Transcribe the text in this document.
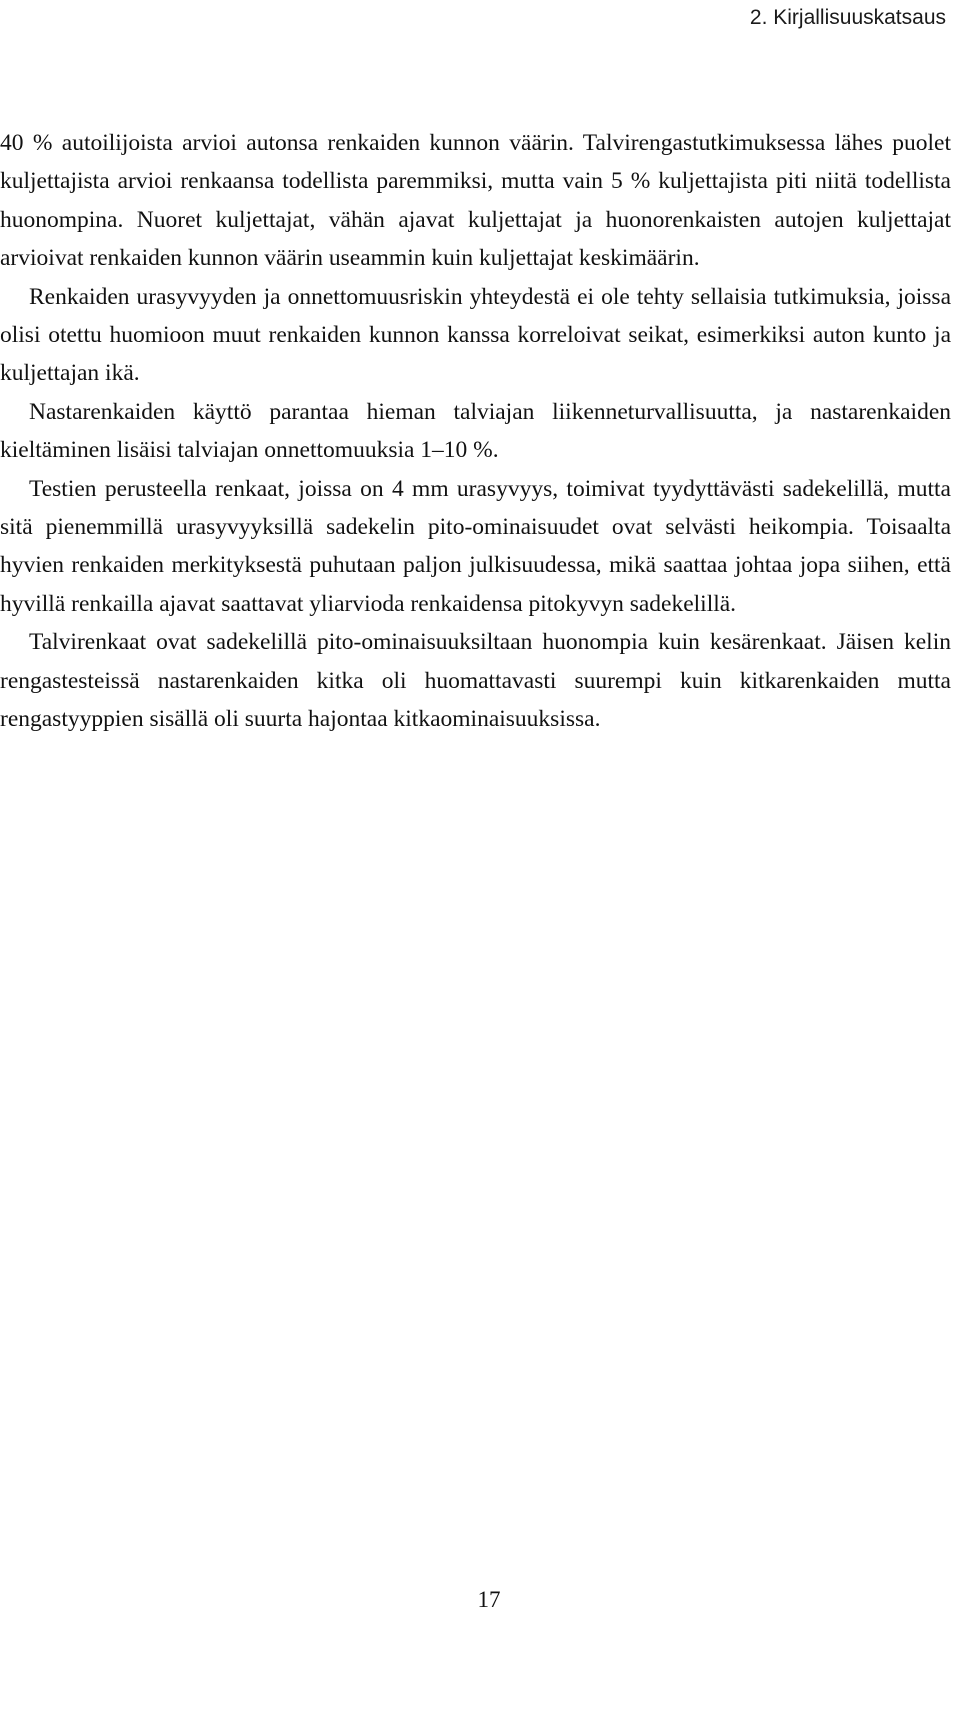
2. Kirjallisuuskatsaus

40 % autoilijoista arvioi autonsa renkaiden kunnon väärin. Talvirengastutkimuksessa lähes puolet kuljettajista arvioi renkaansa todellista paremmiksi, mutta vain 5 % kuljettajista piti niitä todellista huonompina. Nuoret kuljettajat, vähän ajavat kuljettajat ja huonorenkaisten autojen kuljettajat arvioivat renkaiden kunnon väärin useammin kuin kuljettajat keskimäärin.

Renkaiden urasyvyyden ja onnettomuusriskin yhteydestä ei ole tehty sellaisia tutkimuksia, joissa olisi otettu huomioon muut renkaiden kunnon kanssa korreloivat seikat, esimerkiksi auton kunto ja kuljettajan ikä.

Nastarenkaiden käyttö parantaa hieman talviajan liikenneturvallisuutta, ja nastarenkaiden kieltäminen lisäisi talviajan onnettomuuksia 1–10 %.

Testien perusteella renkaat, joissa on 4 mm urasyvyys, toimivat tyydyttävästi sadekelillä, mutta sitä pienemmillä urasyvyyksillä sadekelin pito-ominaisuudet ovat selvästi heikompia. Toisaalta hyvien renkaiden merkityksestä puhutaan paljon julkisuudessa, mikä saattaa johtaa jopa siihen, että hyvillä renkailla ajavat saattavat yliarvioda renkaidensa pitokyvyn sadekelillä.

Talvirenkaat ovat sadekelillä pito-ominaisuuksiltaan huonompia kuin kesärenkaat. Jäisen kelin rengastesteissä nastarenkaiden kitka oli huomattavasti suurempi kuin kitkarenkaiden mutta rengastyyppien sisällä oli suurta hajontaa kitkaominaisuuksissa.

17
